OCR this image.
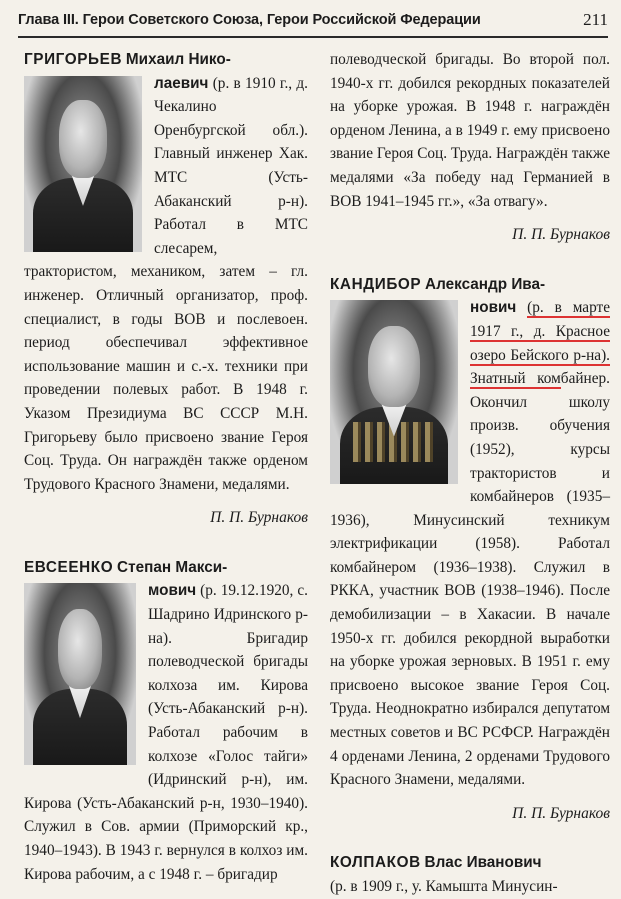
Глава III. Герои Советского Союза, Герои Российской Федерации	211

ГРИГОРЬЕВ Михаил Нико-

лаевич (р. в 1910 г., д. Чекалино Оренбургской обл.). Главный инженер Хак. МТС (Усть-Абаканский р-н). Работал в МТС слесарем, трактористом, механиком, затем – гл. инженер. Отличный организатор, проф. специалист, в годы ВОВ и послевоен. период обеспечивал эффективное использование машин и с.-х. техники при проведении полевых работ. В 1948 г. Указом Президиума ВС СССР М.Н. Григорьеву было присвоено звание Героя Соц. Труда. Он награждён также орденом Трудового Красного Знамени, медалями.

П. П. Бурнаков

ЕВСЕЕНКО Степан Макси-

мович (р. 19.12.1920, с. Шадрино Идринского р-на). Бригадир полеводческой бригады колхоза им. Кирова (Усть-Абаканский р-н). Работал рабочим в колхозе «Голос тайги» (Идринский р-н), им. Кирова (Усть-Абаканский р-н, 1930–1940). Служил в Сов. армии (Приморский кр., 1940–1943). В 1943 г. вернулся в колхоз им. Кирова рабочим, а с 1948 г. – бригадир

полеводческой бригады. Во второй пол. 1940-х гг. добился рекордных показателей на уборке урожая. В 1948 г. награждён орденом Ленина, а в 1949 г. ему присвоено звание Героя Соц. Труда. Награждён также медалями «За победу над Германией в ВОВ 1941–1945 гг.», «За отвагу».

П. П. Бурнаков

КАНДИБОР Александр Ива-

нович (р. в марте 1917 г., д. Красное озеро Бейского р-на). Знатный комбайнер. Окончил школу произв. обучения (1952), курсы трактористов и комбайнеров (1935–1936), Минусинский техникум электрификации (1958). Работал комбайнером (1936–1938). Служил в РККА, участник ВОВ (1938–1946). После демобилизации – в Хакасии. В начале 1950-х гг. добился рекордной выработки на уборке урожая зерновых. В 1951 г. ему присвоено высокое звание Героя Соц. Труда. Неоднократно избирался депутатом местных советов и ВС РСФСР. Награждён 4 орденами Ленина, 2 орденами Трудового Красного Знамени, медалями.

П. П. Бурнаков

КОЛПАКОВ Влас Иванович

(р. в 1909 г., у. Камышта Минусин-
